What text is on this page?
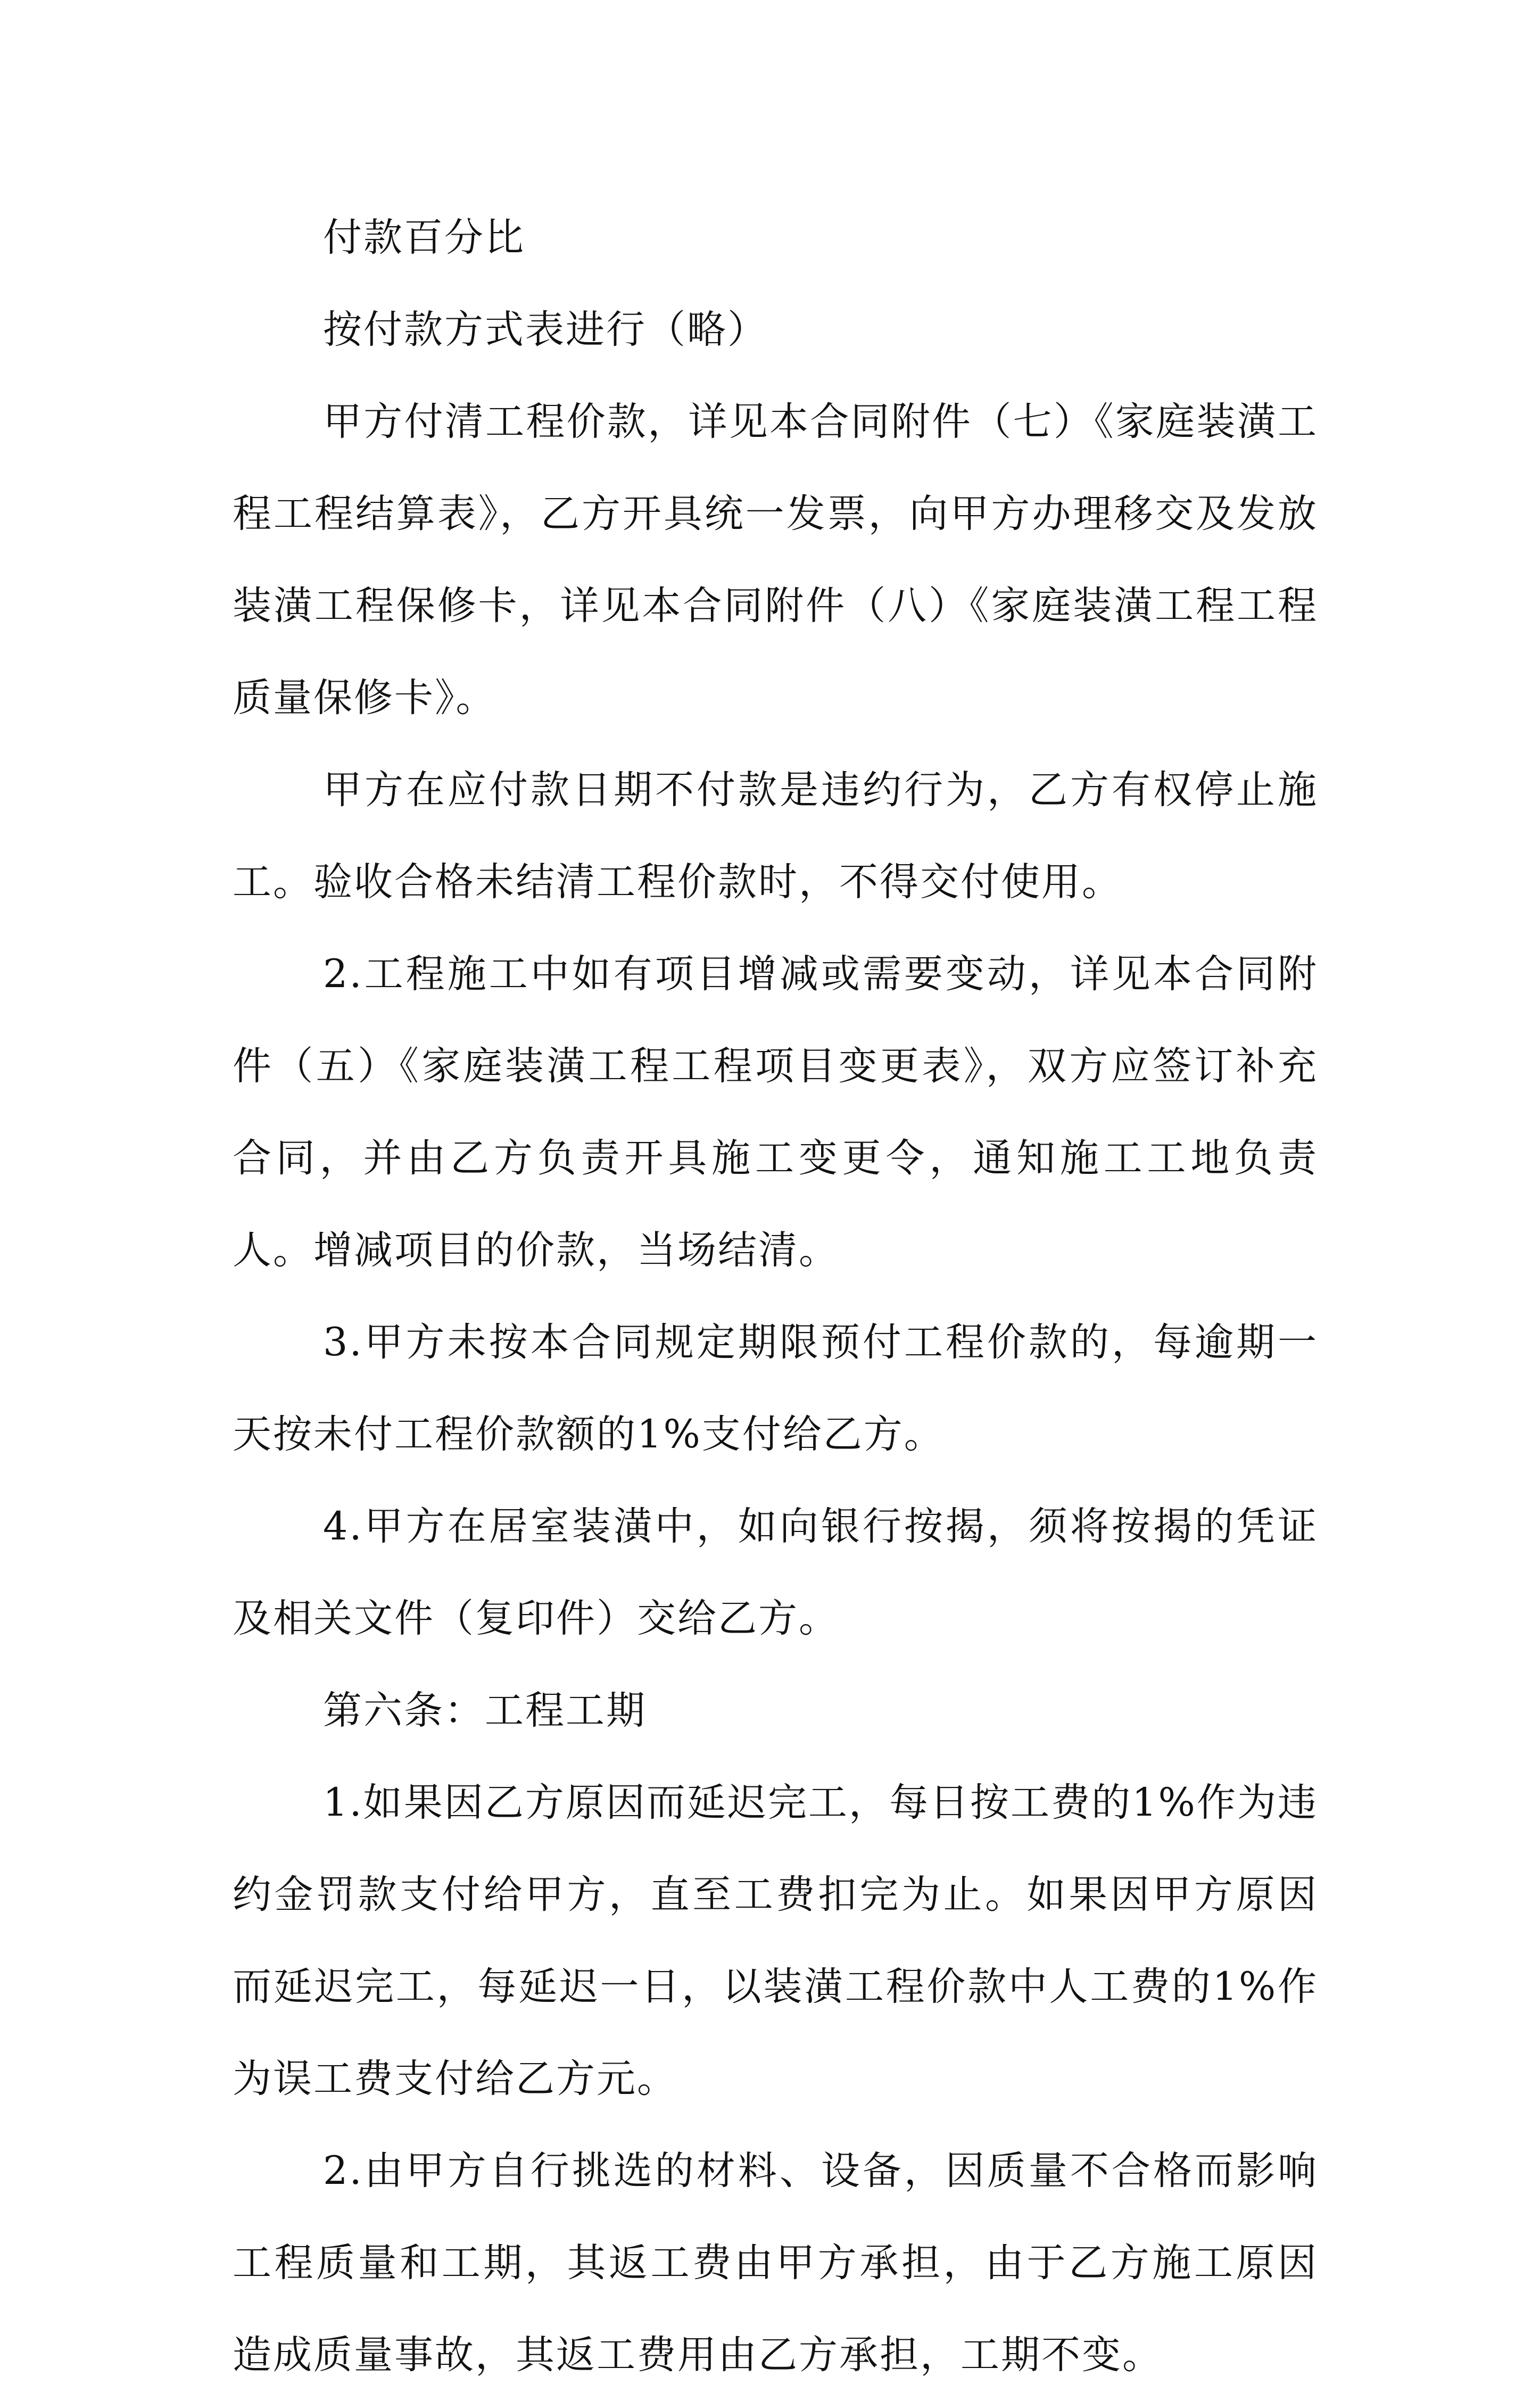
付款百分比

按付款方式表进行（略）

甲方付清工程价款，详见本合同附件（七）《家庭装潢工程工程结算表》，乙方开具统一发票，向甲方办理移交及发放装潢工程保修卡，详见本合同附件（八）《家庭装潢工程工程质量保修卡》。

甲方在应付款日期不付款是违约行为，乙方有权停止施工。验收合格未结清工程价款时，不得交付使用。

2.工程施工中如有项目增减或需要变动，详见本合同附件（五）《家庭装潢工程工程项目变更表》，双方应签订补充合同，并由乙方负责开具施工变更令，通知施工工地负责人。增减项目的价款，当场结清。

3.甲方未按本合同规定期限预付工程价款的，每逾期一天按未付工程价款额的1%支付给乙方。

4.甲方在居室装潢中，如向银行按揭，须将按揭的凭证及相关文件（复印件）交给乙方。

第六条：工程工期

1.如果因乙方原因而延迟完工，每日按工费的1%作为违约金罚款支付给甲方，直至工费扣完为止。如果因甲方原因而延迟完工，每延迟一日，以装潢工程价款中人工费的1%作为误工费支付给乙方元。

2.由甲方自行挑选的材料、设备，因质量不合格而影响工程质量和工期，其返工费由甲方承担，由于乙方施工原因造成质量事故，其返工费用由乙方承担，工期不变。
